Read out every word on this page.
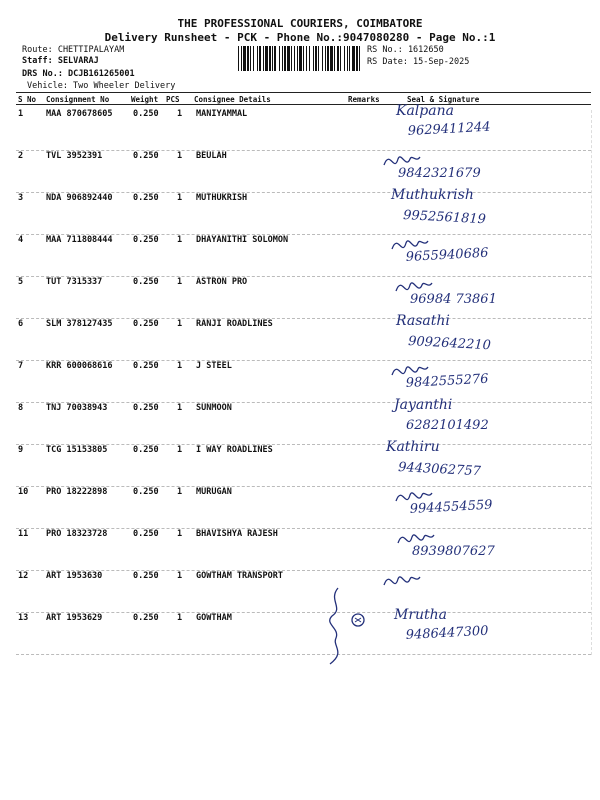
THE PROFESSIONAL COURIERS, COIMBATORE
Delivery Runsheet - PCK - Phone No.:9047080280 - Page No.:1
Route: CHETTIPALAYAM
Staff: SELVARAJ
DRS No.: DCJB161265001
Vehicle: Two Wheeler Delivery
RS No.: 1612650
RS Date: 15-Sep-2025
S No Consignment No	Weight PCS Consignee Details	Remarks	Seal & Signature
1	MAA 870678605 0.250 1 MANIYAMMAL	Kalpana
9629411244
2	TVL 3952391	0.250 1 BEULAH
9842321679
3	NDA 906892440 0.250 1 MUTHUKRISH	Muthukrish
9952561819
4	MAA 711808444 0.250 1 DHAYANITHI SOLOMON
9655940686
5	TUT 7315337	0.250 1 ASTRON PRO
96984 73861
6	SLM 378127435 0.250 1 RANJI ROADLINES	Rasathi
9092642210
7	KRR 600068616 0.250 1 J STEEL
9842555276
8	TNJ 70038943	0.250 1 SUNMOON	Jayanthi
6282101492
9	TCG 15153805	0.250 1 I WAY ROADLINES	Kathiru
9443062757
10 PRO 18222898	0.250 1 MURUGAN
9944554559
11 PRO 18323728	0.250 1 BHAVISHYA RAJESH
8939807627
12 ART 1953630	0.250 1 GOWTHAM TRANSPORT
13 ART 1953629	0.250 1 GOWTHAM	Mrutha
9486447300
